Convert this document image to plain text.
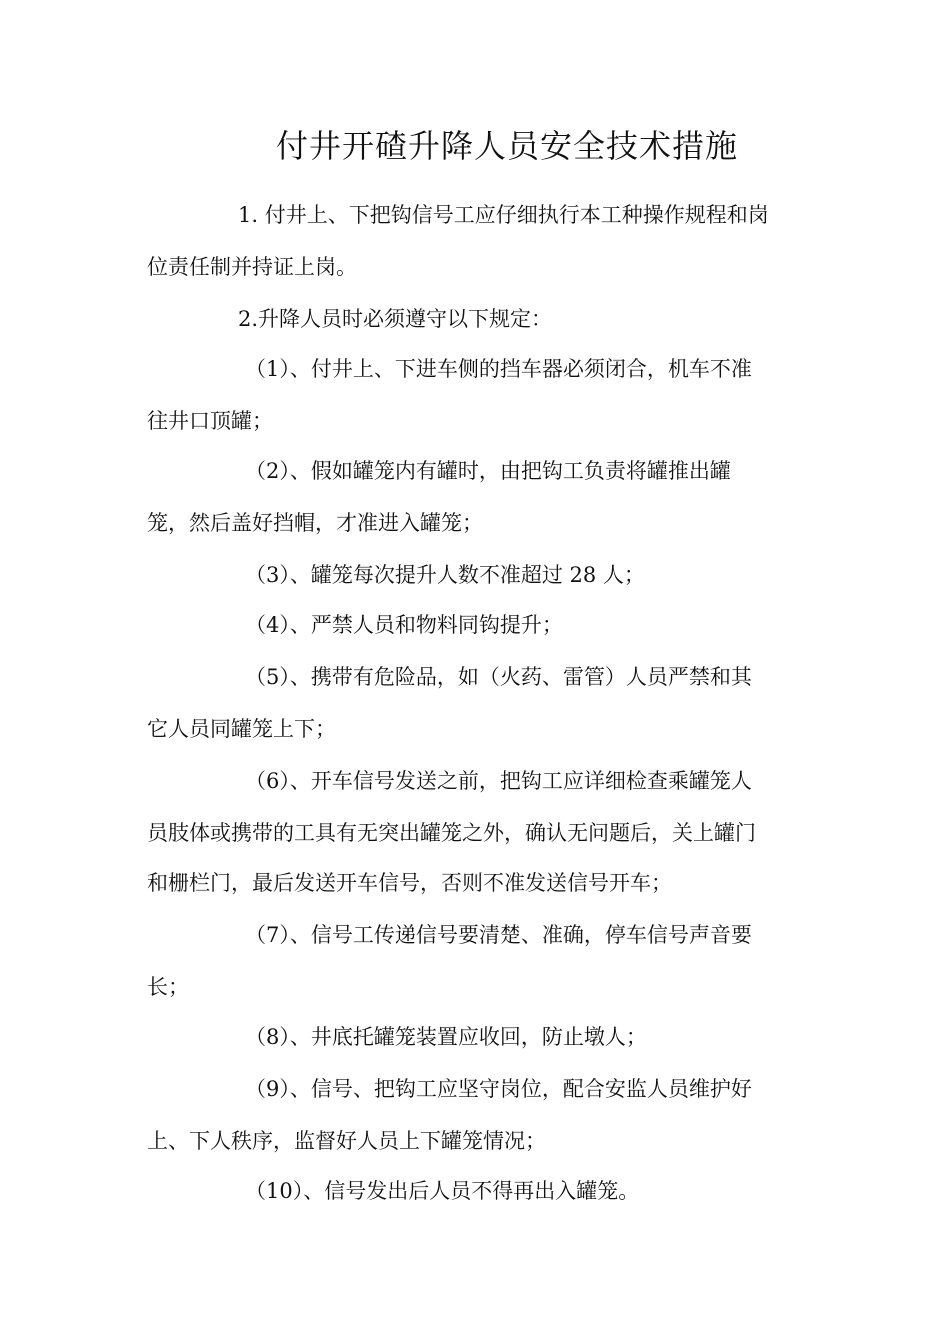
付井开碴升降人员安全技术措施
1. 付井上、下把钩信号工应仔细执行本工种操作规程和岗
位责任制并持证上岗。
2.升降人员时必须遵守以下规定：
（1）、付井上、下进车侧的挡车器必须闭合，机车不准
往井口顶罐；
（2）、假如罐笼内有罐时，由把钩工负责将罐推出罐
笼，然后盖好挡帽，才准进入罐笼；
（3）、罐笼每次提升人数不准超过 28 人；
（4）、严禁人员和物料同钩提升；
（5）、携带有危险品，如（火药、雷管）人员严禁和其
它人员同罐笼上下；
（6）、开车信号发送之前，把钩工应详细检查乘罐笼人
员肢体或携带的工具有无突出罐笼之外，确认无问题后，关上罐门
和栅栏门，最后发送开车信号，否则不准发送信号开车；
（7）、信号工传递信号要清楚、准确，停车信号声音要
长；
（8）、井底托罐笼装置应收回，防止墩人；
（9）、信号、把钩工应坚守岗位，配合安监人员维护好
上、下人秩序，监督好人员上下罐笼情况；
（10）、信号发出后人员不得再出入罐笼。
